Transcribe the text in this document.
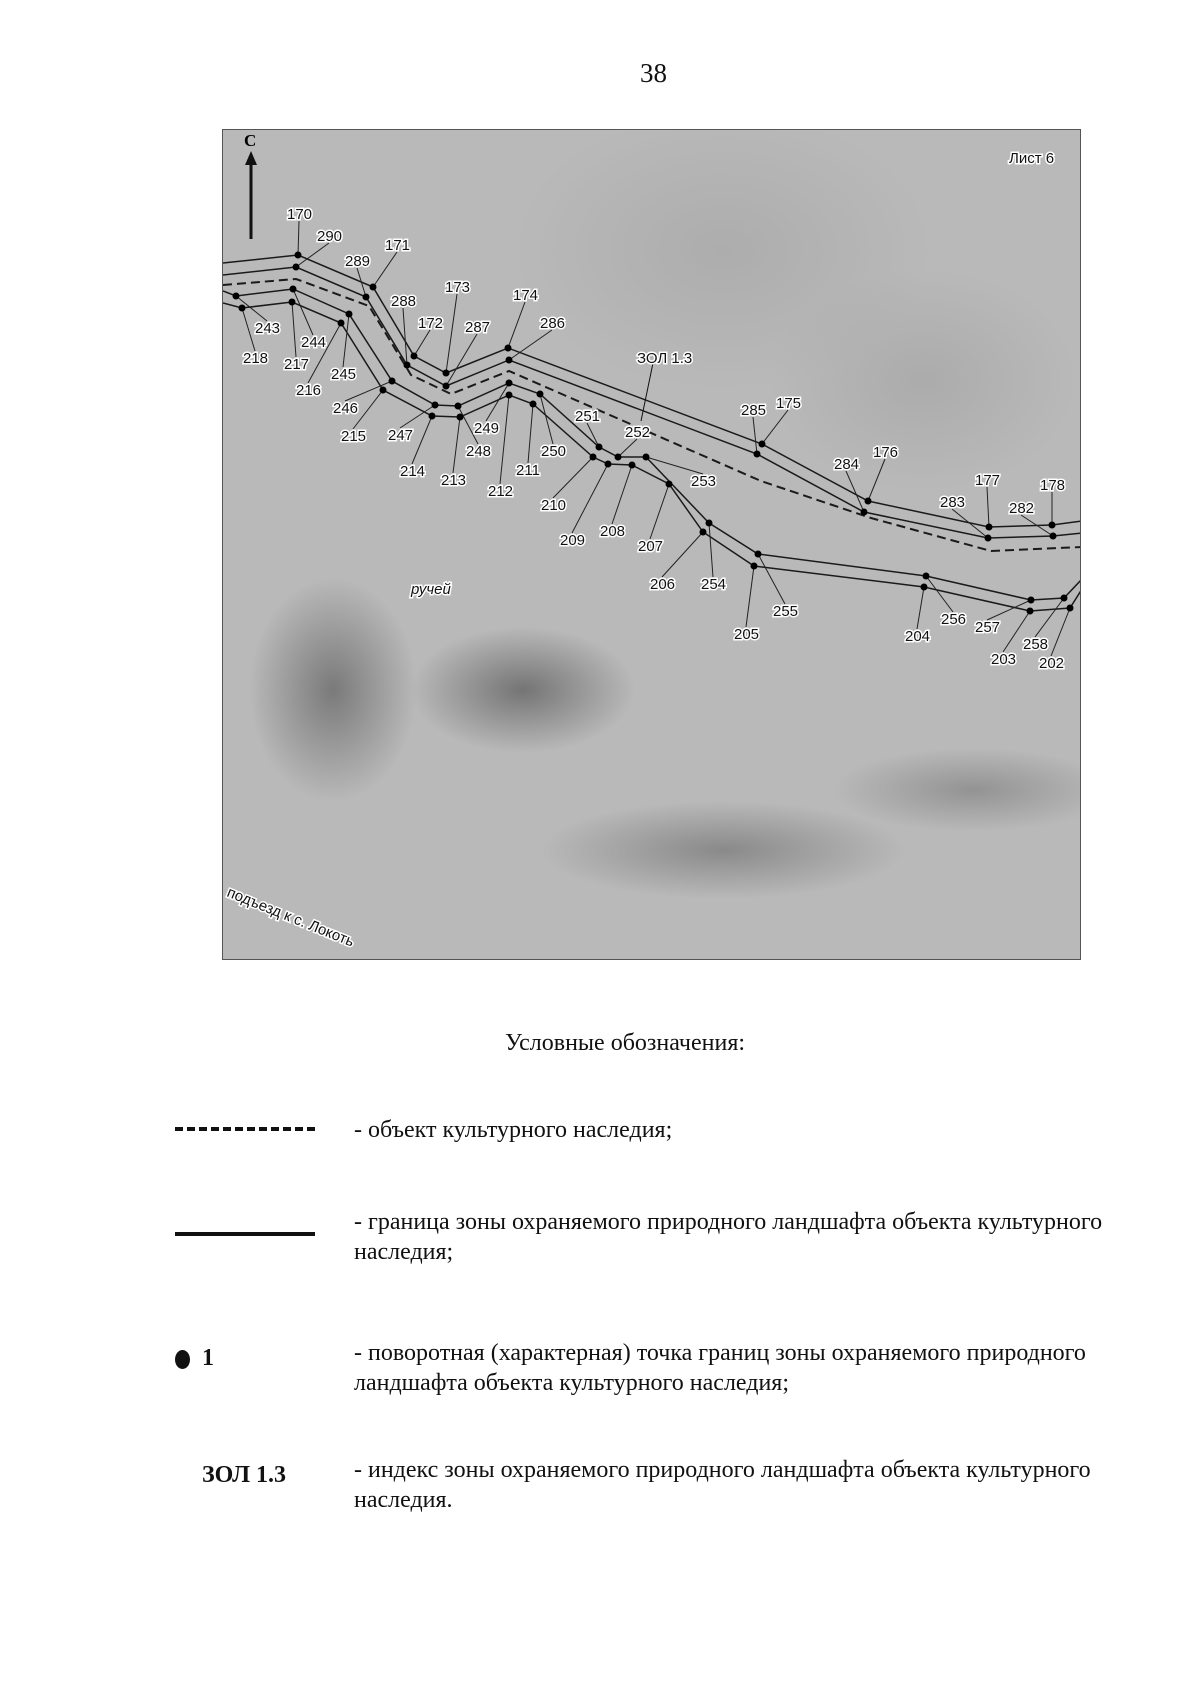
38
С
Лист 6
ЗОЛ 1.3
ручей
подъезд к с. Локоть
170
290
289
171
288
172
173
287
174
286
175
285
176
284
177
283
178
282
243
218
244
217
245
216
246
215 247
214
248
249
213
212
211
250
251
210
209
252
208
253
207
254
206
255
205
256
204
257
203
258
202
Условные обозначения:
- объект культурного наследия;
- граница зоны охраняемого природного ландшафта объекта культурного наследия;
1	- поворотная (характерная) точка границ зоны охраняемого природного ландшафта объекта культурного наследия;
ЗОЛ 1.3	- индекс зоны охраняемого природного ландшафта объекта культурного наследия.
